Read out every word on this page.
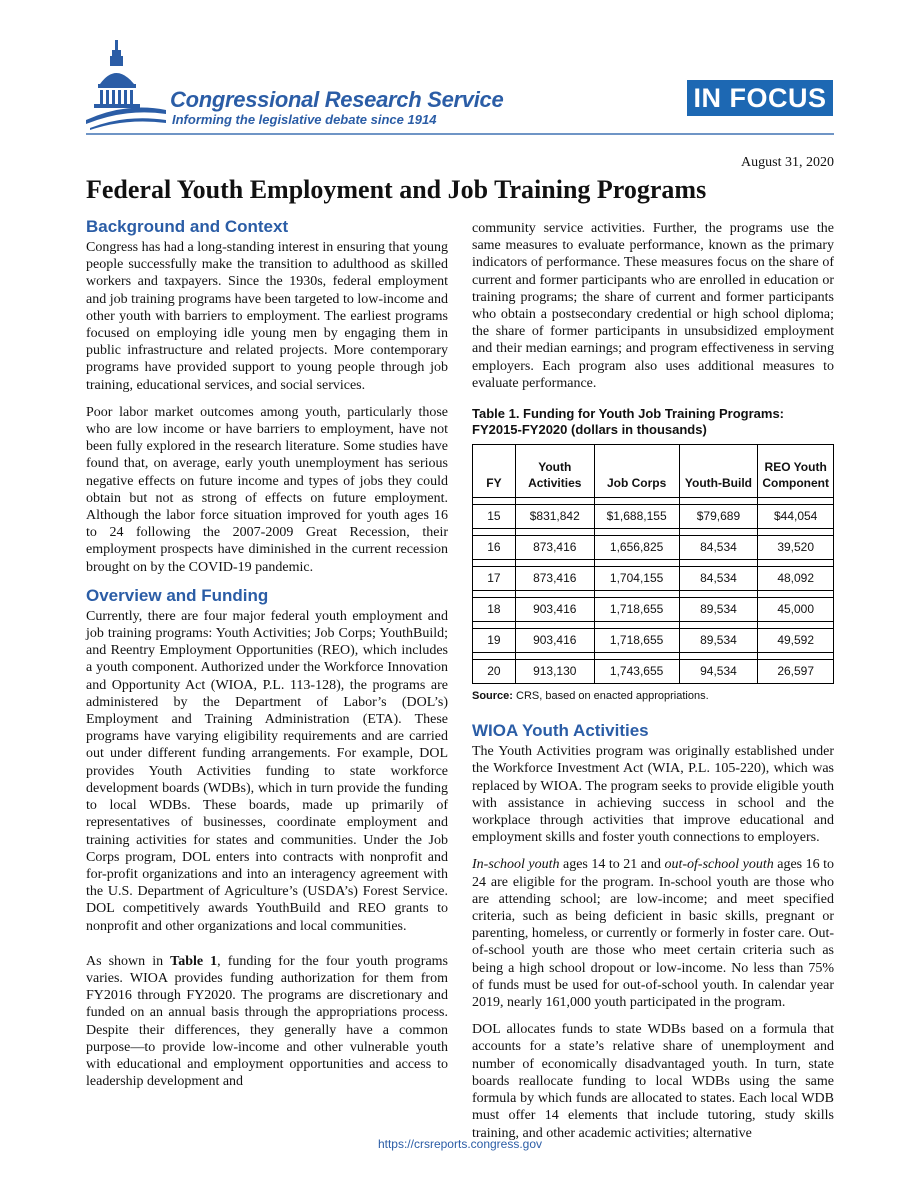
Congressional Research Service
Informing the legislative debate since 1914
IN FOCUS
August 31, 2020
Federal Youth Employment and Job Training Programs
Background and Context

Congress has had a long-standing interest in ensuring that young people successfully make the transition to adulthood as skilled workers and taxpayers. Since the 1930s, federal employment and job training programs have been targeted to low-income and other youth with barriers to employment. The earliest programs focused on employing idle young men by engaging them in public infrastructure and related projects. More contemporary programs have provided support to young people through job training, educational services, and social services.

Poor labor market outcomes among youth, particularly those who are low income or have barriers to employment, have not been fully explored in the research literature. Some studies have found that, on average, early youth unemployment has serious negative effects on future income and types of jobs they could obtain but not as strong of effects on future employment. Although the labor force situation improved for youth ages 16 to 24 following the 2007-2009 Great Recession, their employment prospects have diminished in the current recession brought on by the COVID-19 pandemic.

Overview and Funding

Currently, there are four major federal youth employment and job training programs: Youth Activities; Job Corps; YouthBuild; and Reentry Employment Opportunities (REO), which includes a youth component. Authorized under the Workforce Innovation and Opportunity Act (WIOA, P.L. 113-128), the programs are administered by the Department of Labor’s (DOL’s) Employment and Training Administration (ETA). These programs have varying eligibility requirements and are carried out under different funding arrangements. For example, DOL provides Youth Activities funding to state workforce development boards (WDBs), which in turn provide the funding to local WDBs. These boards, made up primarily of representatives of businesses, coordinate employment and training activities for states and communities. Under the Job Corps program, DOL enters into contracts with nonprofit and for-profit organizations and into an interagency agreement with the U.S. Department of Agriculture’s (USDA’s) Forest Service. DOL competitively awards YouthBuild and REO grants to nonprofit and other organizations and local communities.

As shown in Table 1, funding for the four youth programs varies. WIOA provides funding authorization for them from FY2016 through FY2020. The programs are discretionary and funded on an annual basis through the appropriations process. Despite their differences, they generally have a common purpose—to provide low-income and other vulnerable youth with educational and employment opportunities and access to leadership development and

community service activities. Further, the programs use the same measures to evaluate performance, known as the primary indicators of performance. These measures focus on the share of current and former participants who are enrolled in education or training programs; the share of current and former participants who obtain a postsecondary credential or high school diploma; the share of former participants in unsubsidized employment and their median earnings; and program effectiveness in serving employers. Each program also uses additional measures to evaluate performance.

Table 1. Funding for Youth Job Training Programs: FY2015-FY2020 (dollars in thousands)
FY	Youth Activities	Job Corps	Youth-Build	REO Youth Component

15	$831,842	$1,688,155	$79,689	$44,054

16	873,416	1,656,825	84,534	39,520

17	873,416	1,704,155	84,534	48,092

18	903,416	1,718,655	89,534	45,000

19	903,416	1,718,655	89,534	49,592

20	913,130	1,743,655	94,534	26,597
Source: CRS, based on enacted appropriations.
WIOA Youth Activities

The Youth Activities program was originally established under the Workforce Investment Act (WIA, P.L. 105-220), which was replaced by WIOA. The program seeks to provide eligible youth with assistance in achieving success in school and the workplace through activities that improve educational and employment skills and foster youth connections to employers.

In-school youth ages 14 to 21 and out-of-school youth ages 16 to 24 are eligible for the program. In-school youth are those who are attending school; are low-income; and meet specified criteria, such as being deficient in basic skills, pregnant or parenting, homeless, or currently or formerly in foster care. Out-of-school youth are those who meet certain criteria such as being a high school dropout or low-income. No less than 75% of funds must be used for out-of-school youth. In calendar year 2019, nearly 161,000 youth participated in the program.

DOL allocates funds to state WDBs based on a formula that accounts for a state’s relative share of unemployment and number of economically disadvantaged youth. In turn, state boards reallocate funding to local WDBs using the same formula by which funds are allocated to states. Each local WDB must offer 14 elements that include tutoring, study skills training, and other academic activities; alternative

https://crsreports.congress.gov
